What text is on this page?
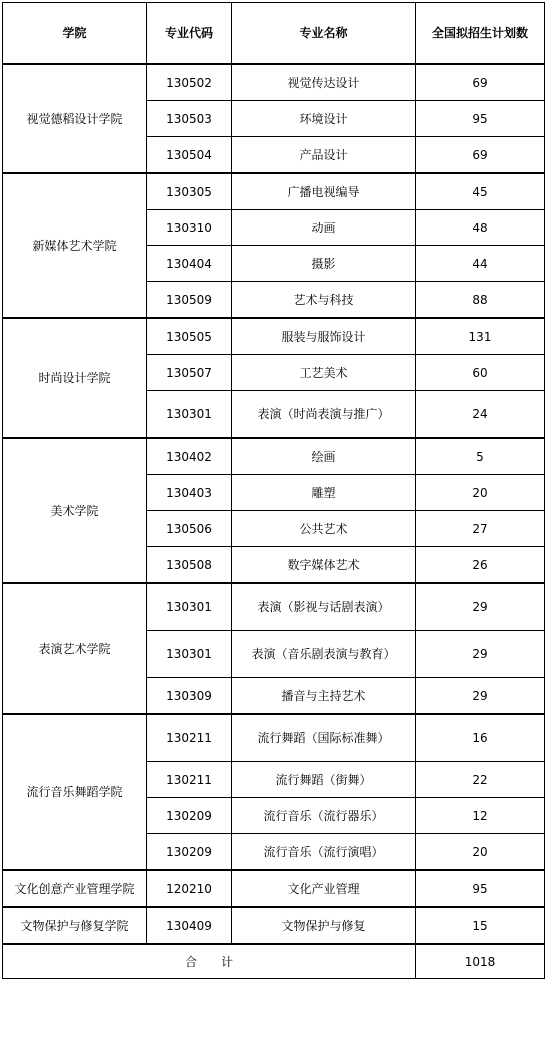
学院	专业代码	专业名称	全国拟招生计划数
视觉德稻设计学院	130502	视觉传达设计	69
	130503	环境设计	95
	130504	产品设计	69
新媒体艺术学院	130305	广播电视编导	45
	130310	动画	48
	130404	摄影	44
	130509	艺术与科技	88
时尚设计学院	130505	服装与服饰设计	131
	130507	工艺美术	60
	130301	表演（时尚表演与推广）	24
美术学院	130402	绘画	5
	130403	雕塑	20
	130506	公共艺术	27
	130508	数字媒体艺术	26
表演艺术学院	130301	表演（影视与话剧表演）	29
	130301	表演（音乐剧表演与教育）	29
	130309	播音与主持艺术	29
流行音乐舞蹈学院	130211	流行舞蹈（国际标准舞）	16
	130211	流行舞蹈（街舞）	22
	130209	流行音乐（流行器乐）	12
	130209	流行音乐（流行演唱）	20
文化创意产业管理学院	120210	文化产业管理	95
文物保护与修复学院	130409	文物保护与修复	15
合　　计			1018
